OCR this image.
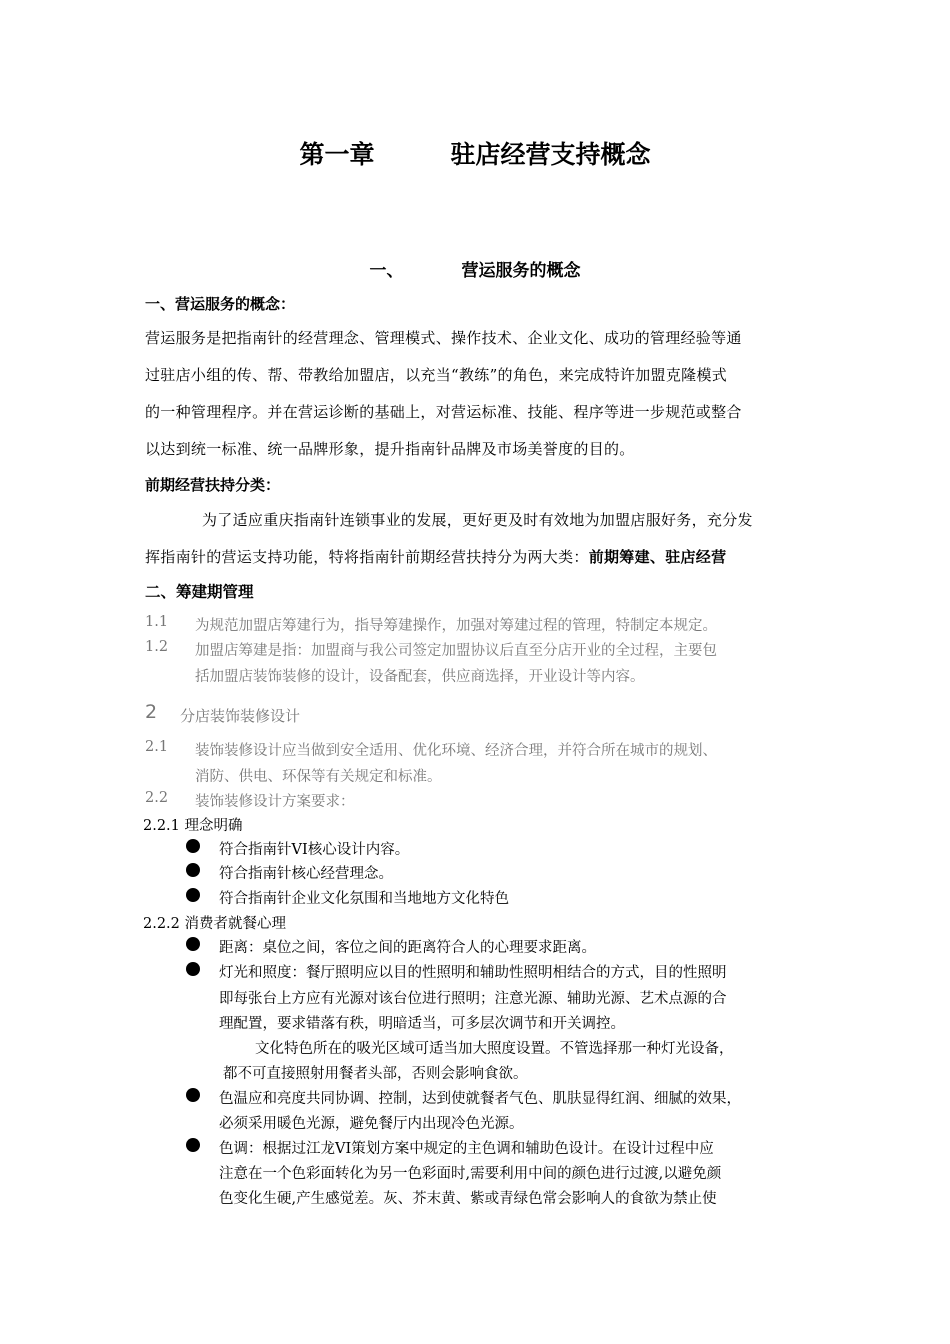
第一章	驻店经营支持概念
一、	营运服务的概念
一、营运服务的概念：
营运服务是把指南针的经营理念、管理模式、操作技术、企业文化、成功的管理经验等通
过驻店小组的传、帮、带教给加盟店，以充当“教练”的角色，来完成特许加盟克隆模式
的一种管理程序。并在营运诊断的基础上，对营运标准、技能、程序等进一步规范或整合
以达到统一标准、统一品牌形象，提升指南针品牌及市场美誉度的目的。
前期经营扶持分类：
为了适应重庆指南针连锁事业的发展，更好更及时有效地为加盟店服好务，充分发
挥指南针的营运支持功能，特将指南针前期经营扶持分为两大类：前期筹建、驻店经营
二、筹建期管理
1.1 为规范加盟店筹建行为，指导筹建操作，加强对筹建过程的管理，特制定本规定。
1.2 加盟店筹建是指：加盟商与我公司签定加盟协议后直至分店开业的全过程，主要包
括加盟店装饰装修的设计，设备配套，供应商选择，开业设计等内容。
2 分店装饰装修设计
2.1 装饰装修设计应当做到安全适用、优化环境、经济合理，并符合所在城市的规划、
消防、供电、环保等有关规定和标准。
2.2 装饰装修设计方案要求：
2.2.1 理念明确
符合指南针VI核心设计内容。
符合指南针核心经营理念。
符合指南针企业文化氛围和当地地方文化特色
2.2.2 消费者就餐心理
距离：桌位之间，客位之间的距离符合人的心理要求距离。
灯光和照度：餐厅照明应以目的性照明和辅助性照明相结合的方式，目的性照明
即每张台上方应有光源对该台位进行照明；注意光源、辅助光源、艺术点源的合
理配置，要求错落有秩，明暗适当，可多层次调节和开关调控。
文化特色所在的吸光区域可适当加大照度设置。不管选择那一种灯光设备，
都不可直接照射用餐者头部，否则会影响食欲。
色温应和亮度共同协调、控制，达到使就餐者气色、肌肤显得红润、细腻的效果，
必须采用暖色光源，避免餐厅内出现冷色光源。
色调：根据过江龙VI策划方案中规定的主色调和辅助色设计。在设计过程中应
注意在一个色彩面转化为另一色彩面时,需要利用中间的颜色进行过渡,以避免颜
色变化生硬,产生感觉差。灰、芥末黄、紫或青绿色常会影响人的食欲为禁止使
